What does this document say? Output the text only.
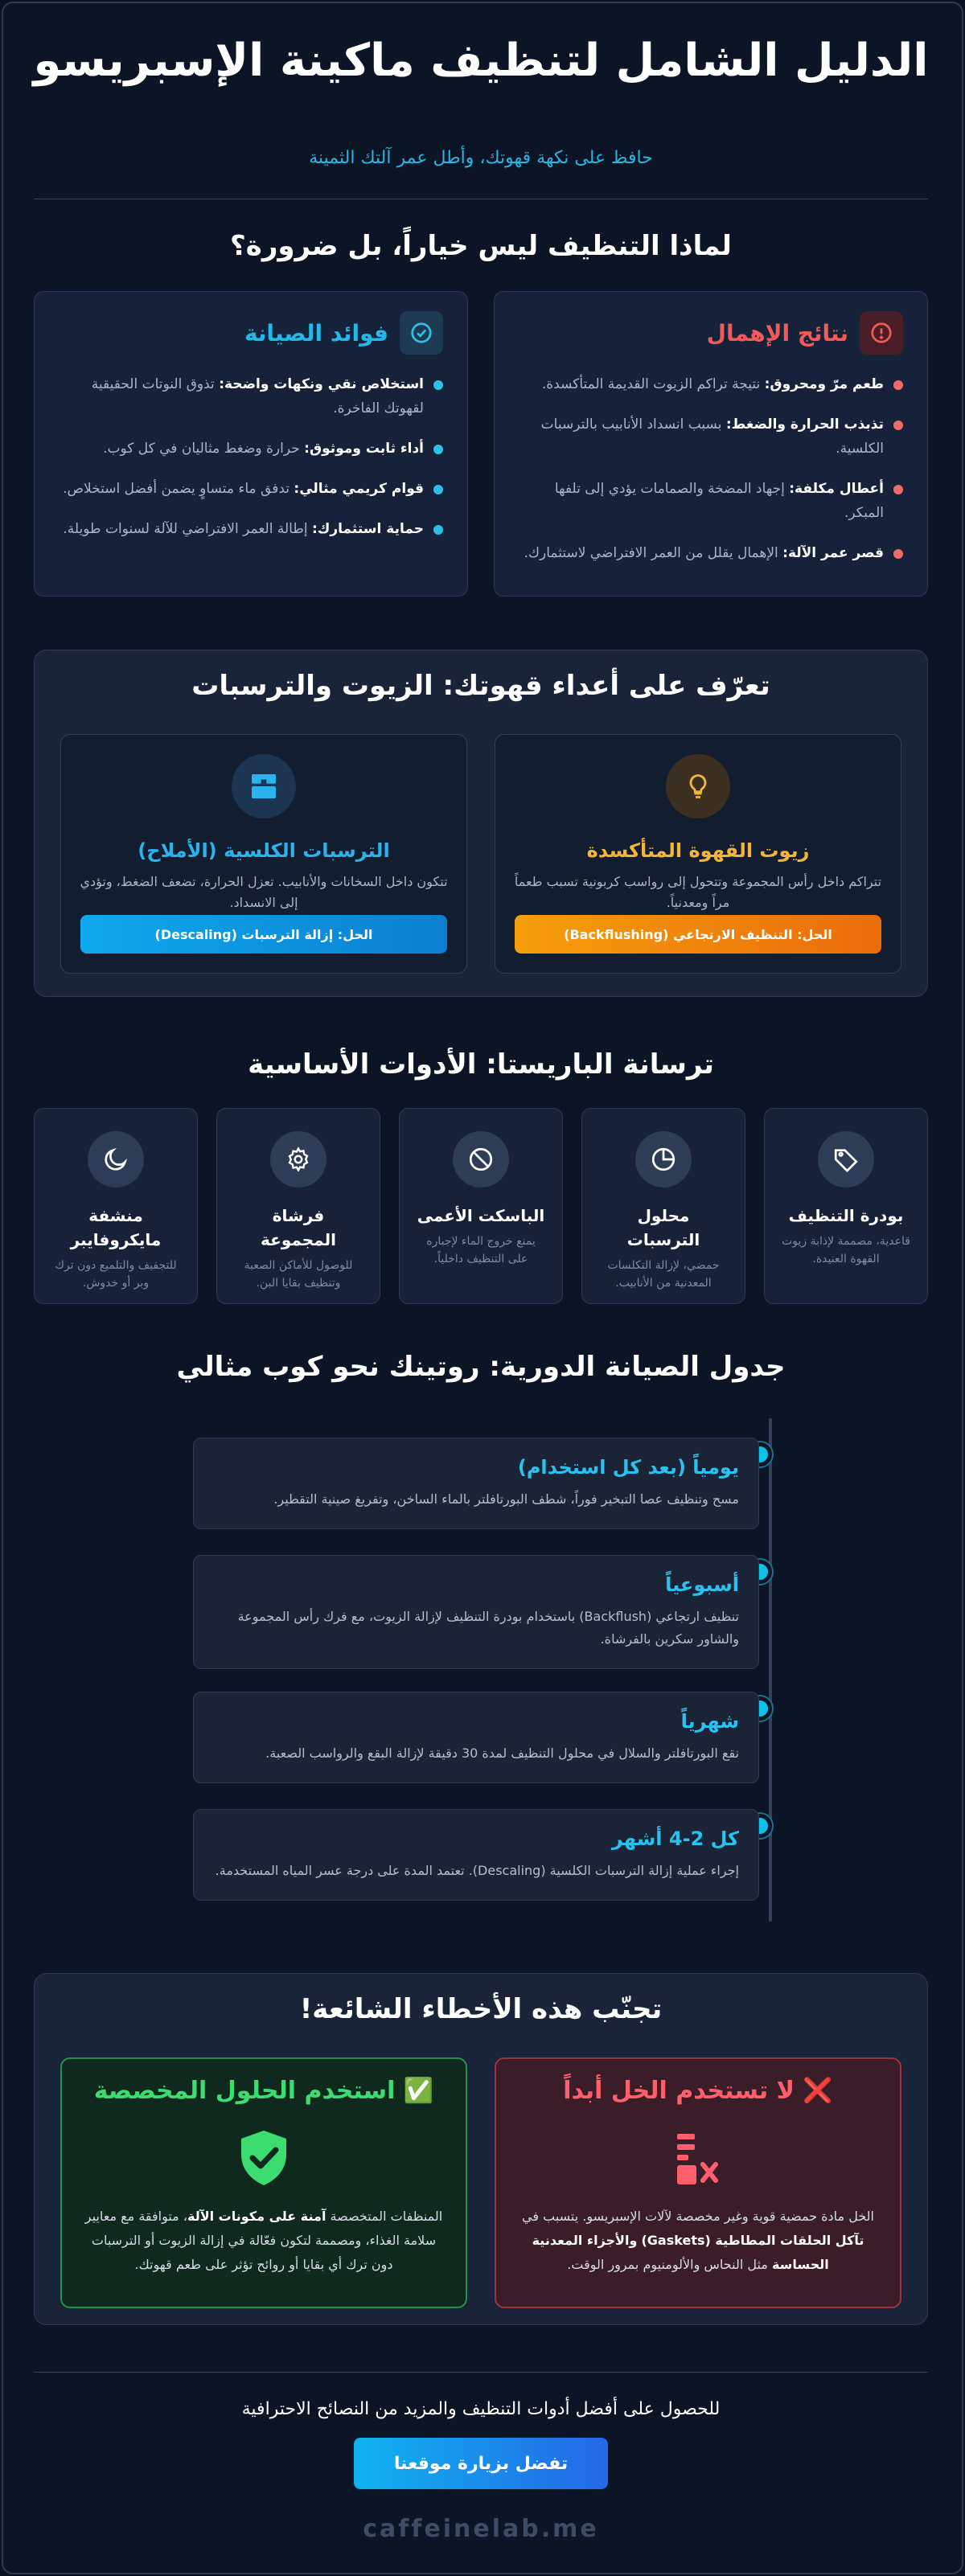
الدليل الشامل لتنظيف ماكينة الإسبريسو
حافظ على نكهة قهوتك، وأطل عمر آلتك الثمينة
لماذا التنظيف ليس خياراً، بل ضرورة؟
نتائج الإهمال
طعم مرّ ومحروق: نتيجة تراكم الزيوت القديمة المتأكسدة.
تذبذب الحرارة والضغط: بسبب انسداد الأنابيب بالترسبات الكلسية.
أعطال مكلفة: إجهاد المضخة والصمامات يؤدي إلى تلفها المبكر.
قصر عمر الآلة: الإهمال يقلل من العمر الافتراضي لاستثمارك.
فوائد الصيانة
استخلاص نقي ونكهات واضحة: تذوق النوتات الحقيقية لقهوتك الفاخرة.
أداء ثابت وموثوق: حرارة وضغط مثاليان في كل كوب.
قوام كريمي مثالي: تدفق ماء متساوٍ يضمن أفضل استخلاص.
حماية استثمارك: إطالة العمر الافتراضي للآلة لسنوات طويلة.
تعرّف على أعداء قهوتك: الزيوت والترسبات
زيوت القهوة المتأكسدة

تتراكم داخل رأس المجموعة وتتحول إلى رواسب كربونية تسبب طعماً مراً ومعدنياً.

الحل: التنظيف الارتجاعي (Backflushing)
الترسبات الكلسية (الأملاح)

تتكون داخل السخانات والأنابيب. تعزل الحرارة، تضعف الضغط، وتؤدي إلى الانسداد.

الحل: إزالة الترسبات (Descaling)
ترسانة الباريستا: الأدوات الأساسية
بودرة التنظيف

قاعدية، مصممة لإذابة زيوت القهوة العنيدة.

محلول الترسبات

حمضي، لإزالة التكلسات المعدنية من الأنابيب.

الباسكت الأعمى

يمنع خروج الماء لإجباره على التنظيف داخلياً.

فرشاة المجموعة

للوصول للأماكن الصعبة وتنظيف بقايا البن.

منشفة مايكروفايبر

للتجفيف والتلميع دون ترك وبر أو خدوش.

جدول الصيانة الدورية: روتينك نحو كوب مثالي
يومياً (بعد كل استخدام)

مسح وتنظيف عصا التبخير فوراً، شطف البورتافلتر بالماء الساخن، وتفريغ صينية التقطير.

أسبوعياً

تنظيف ارتجاعي (Backflush) باستخدام بودرة التنظيف لإزالة الزيوت، مع فرك رأس المجموعة والشاور سكرين بالفرشاة.

شهرياً

نقع البورتافلتر والسلال في محلول التنظيف لمدة 30 دقيقة لإزالة البقع والرواسب الصعبة.

كل 2-4 أشهر

إجراء عملية إزالة الترسبات الكلسية (Descaling). تعتمد المدة على درجة عسر المياه المستخدمة.

تجنّب هذه الأخطاء الشائعة!
❌ لا تستخدم الخل أبداً

الخل مادة حمضية قوية وغير مخصصة لآلات الإسبريسو. يتسبب في تآكل الحلقات المطاطية (Gaskets) والأجزاء المعدنية الحساسة مثل النحاس والألومنيوم بمرور الوقت.

✅ استخدم الحلول المخصصة

المنظفات المتخصصة آمنة على مكونات الآلة، متوافقة مع معايير سلامة الغذاء، ومصممة لتكون فعّالة في إزالة الزيوت أو الترسبات دون ترك أي بقايا أو روائح تؤثر على طعم قهوتك.

للحصول على أفضل أدوات التنظيف والمزيد من النصائح الاحترافية
تفضل بزيارة موقعنا
caffeinelab.me
